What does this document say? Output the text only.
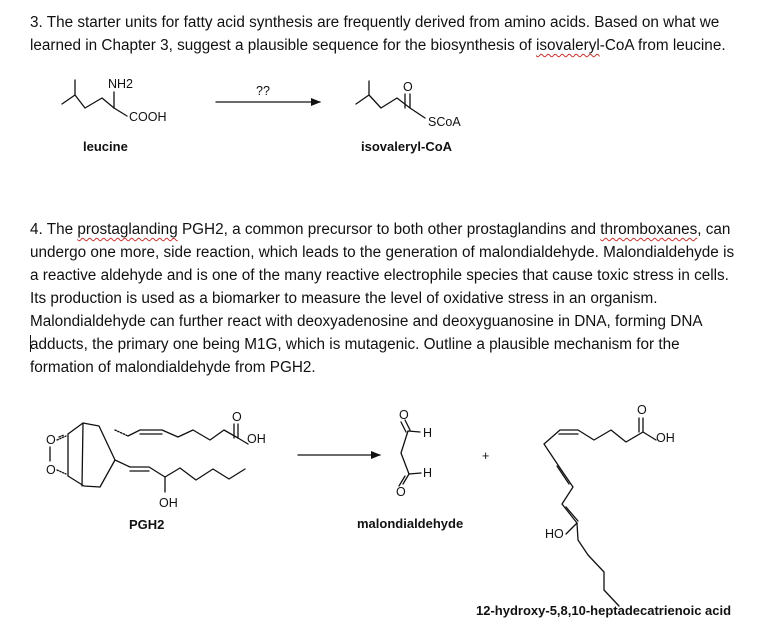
3. The starter units for fatty acid synthesis are frequently derived from amino acids. Based on what we
learned in Chapter 3, suggest a plausible sequence for the biosynthesis of isovaleryl-CoA from leucine.
4. The prostaglanding PGH2, a common precursor to both other prostaglandins and thromboxanes, can
undergo one more, side reaction, which leads to the generation of malondialdehyde. Malondialdehyde is
a reactive aldehyde and is one of the many reactive electrophile species that cause toxic stress in cells.
Its production is used as a biomarker to measure the level of oxidative stress in an organism.
Malondialdehyde can further react with deoxyadenosine and deoxyguanosine in DNA, forming DNA
adducts, the primary one being M1G, which is mutagenic. Outline a plausible mechanism for the
formation of malondialdehyde from PGH2.
NH2
COOH
leucine
??	O
SCoA
isovaleryl-CoA
O
O
O
OH
OH
PGH2
O
H
H
O
malondialdehyde
+
O
OH
HO
12-hydroxy-5,8,10-heptadecatrienoic acid
